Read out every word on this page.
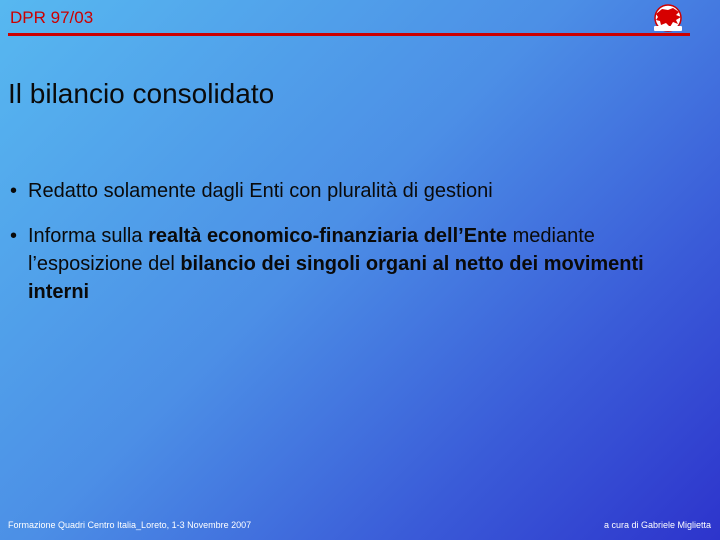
DPR 97/03
Il bilancio consolidato
• Redatto solamente dagli Enti con pluralità di gestioni
• Informa sulla realtà economico-finanziaria dell’Ente mediante l’esposizione del bilancio dei singoli organi al netto dei movimenti interni
Formazione Quadri Centro Italia_Loreto, 1-3 Novembre 2007	a cura di Gabriele Miglietta
